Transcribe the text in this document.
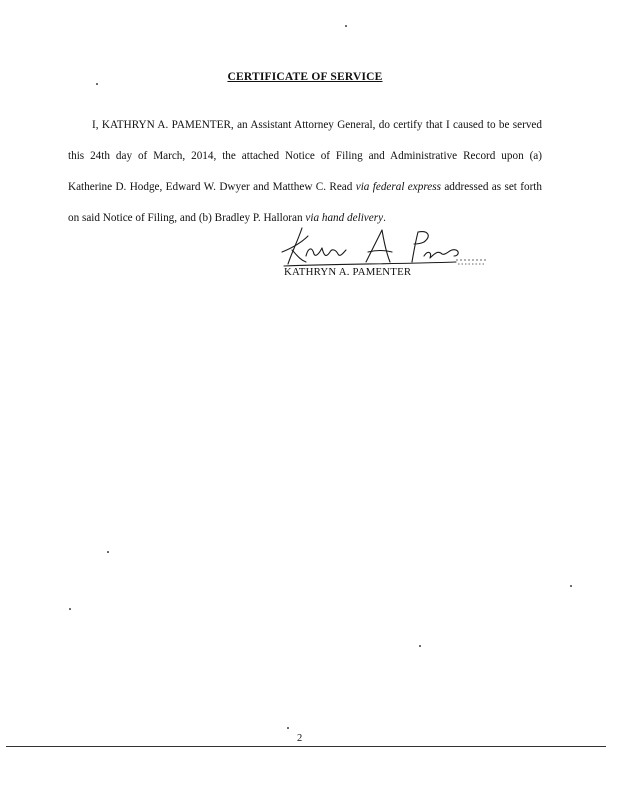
CERTIFICATE OF SERVICE

I, KATHRYN A. PAMENTER, an Assistant Attorney General, do certify that I caused to be served this 24th day of March, 2014, the attached Notice of Filing and Administrative Record upon (a) Katherine D. Hodge, Edward W. Dwyer and Matthew C. Read via federal express addressed as set forth on said Notice of Filing, and (b) Bradley P. Halloran via hand delivery.

KATHRYN A. PAMENTER
2
